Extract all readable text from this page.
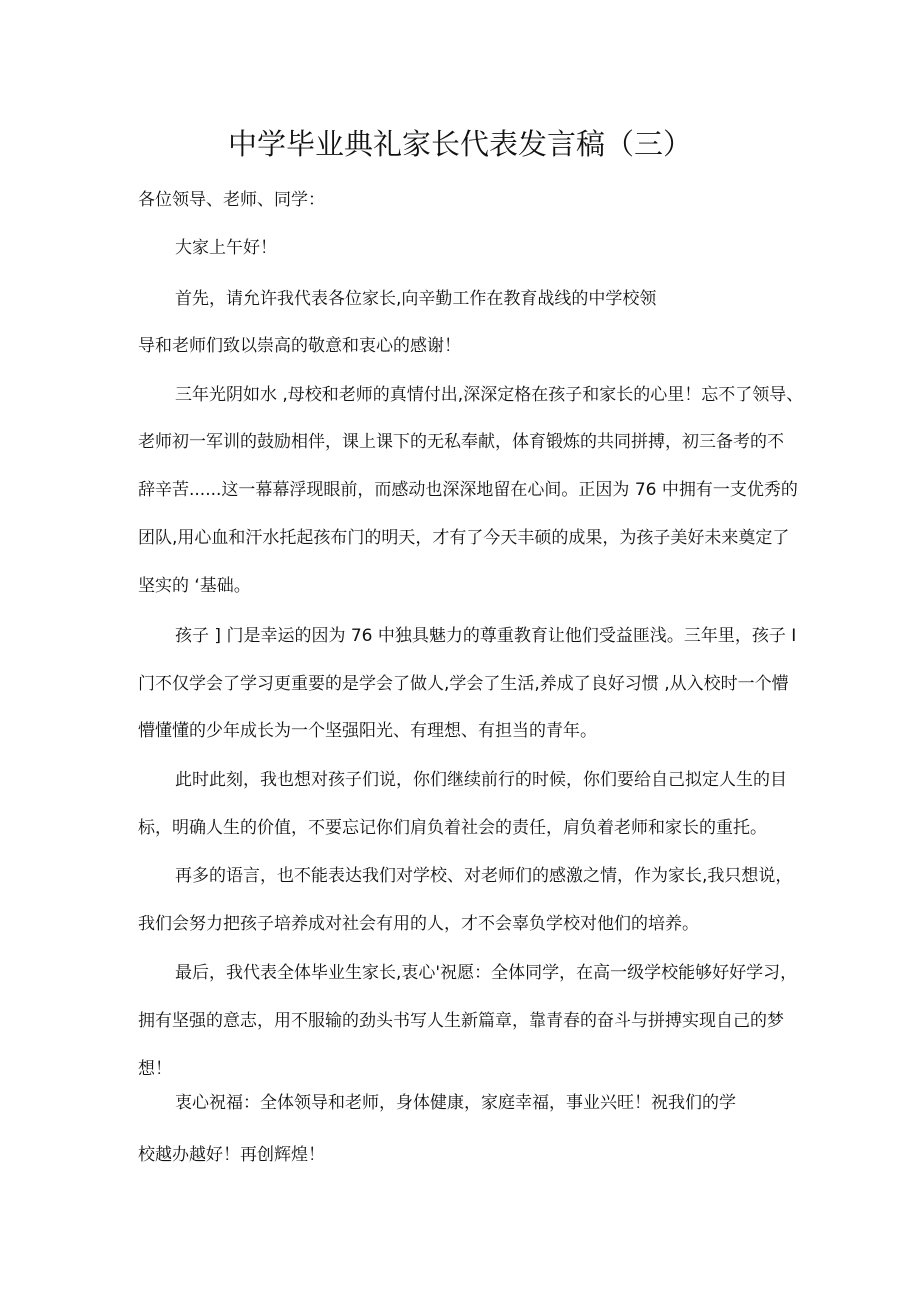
中学毕业典礼家长代表发言稿（三）
各位领导、老师、同学：
大家上午好！
首先，请允许我代表各位家长,向辛勤工作在教育战线的中学校领
导和老师们致以崇高的敬意和衷心的感谢！
三年光阴如水 ,母校和老师的真情付出,深深定格在孩子和家长的心里！忘不了领导、
老师初一军训的鼓励相伴，课上课下的无私奉献，体育锻炼的共同拼搏，初三备考的不
辞辛苦......这一幕幕浮现眼前，而感动也深深地留在心间。正因为 76 中拥有一支优秀的
团队,用心血和汗水托起孩布门的明天，才有了今天丰硕的成果，为孩子美好未来奠定了
坚实的 ‘基础。
孩子 ] 门是幸运的因为 76 中独具魅力的尊重教育让他们受益匪浅。三年里，孩子 I
门不仅学会了学习更重要的是学会了做人,学会了生活,养成了良好习惯 ,从入校时一个懵
懵懂懂的少年成长为一个坚强阳光、有理想、有担当的青年。
此时此刻，我也想对孩子们说，你们继续前行的时候，你们要给自己拟定人生的目
标，明确人生的价值，不要忘记你们肩负着社会的责任，肩负着老师和家长的重托。
再多的语言，也不能表达我们对学校、对老师们的感激之情，作为家长,我只想说，
我们会努力把孩子培养成对社会有用的人，才不会辜负学校对他们的培养。
最后，我代表全体毕业生家长,衷心'祝愿：全体同学，在高一级学校能够好好学习，
拥有坚强的意志，用不服输的劲头书写人生新篇章，靠青春的奋斗与拼搏实现自己的梦
想！
衷心祝福：全体领导和老师，身体健康，家庭幸福，事业兴旺！祝我们的学
校越办越好！再创辉煌！
